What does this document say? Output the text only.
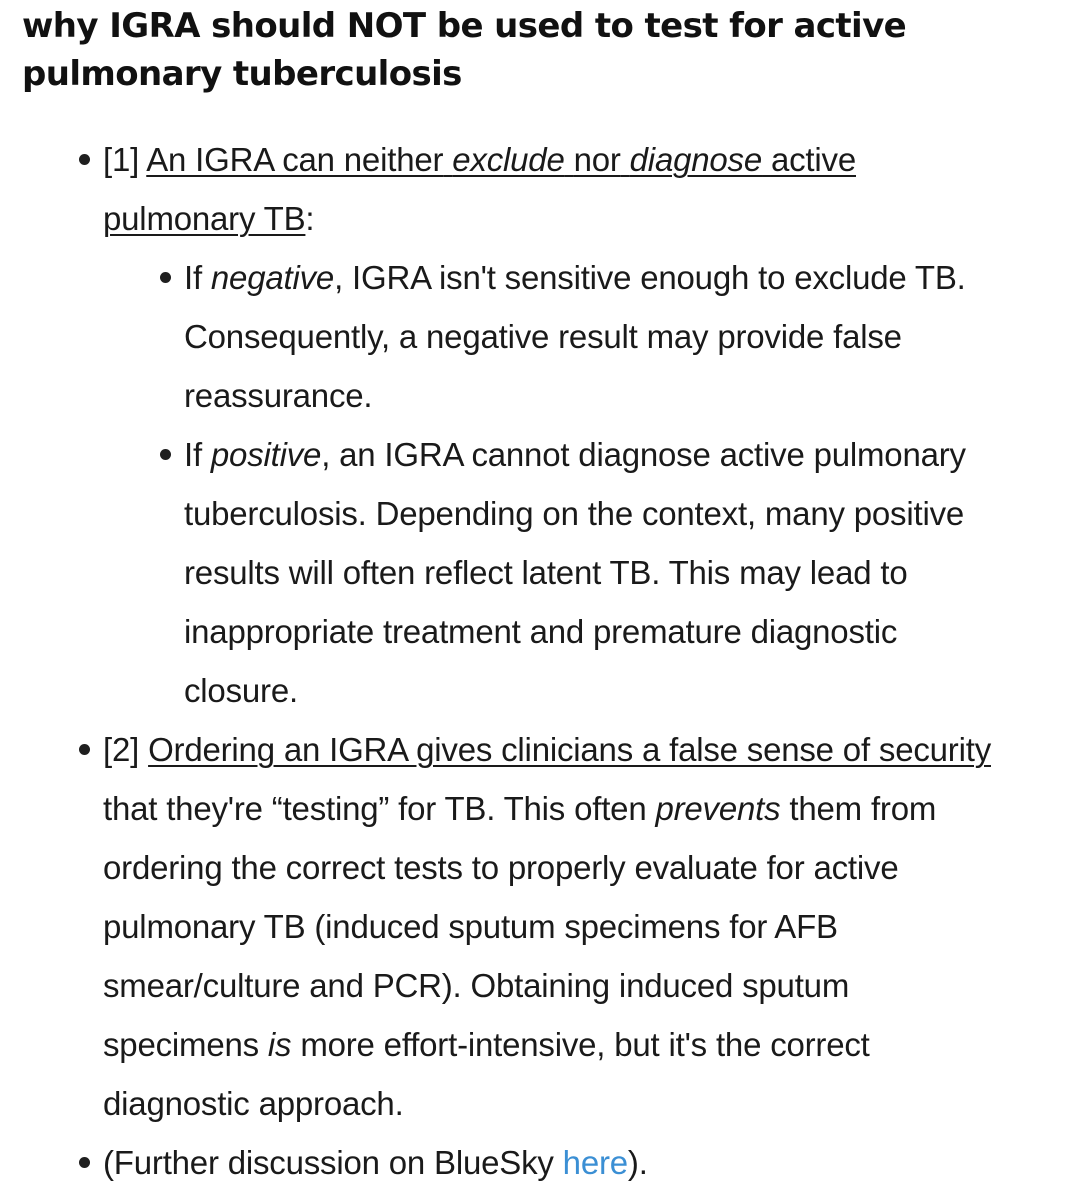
why IGRA should NOT be used to test for active pulmonary tuberculosis
[1] An IGRA can neither exclude nor diagnose active
pulmonary TB:
If negative, IGRA isn't sensitive enough to exclude TB.
Consequently, a negative result may provide false
reassurance.
If positive, an IGRA cannot diagnose active pulmonary
tuberculosis. Depending on the context, many positive
results will often reflect latent TB. This may lead to
inappropriate treatment and premature diagnostic
closure.
[2] Ordering an IGRA gives clinicians a false sense of security
that they're “testing” for TB. This often prevents them from
ordering the correct tests to properly evaluate for active
pulmonary TB (induced sputum specimens for AFB
smear/culture and PCR). Obtaining induced sputum
specimens is more effort-intensive, but it's the correct
diagnostic approach.
(Further discussion on BlueSky here).
